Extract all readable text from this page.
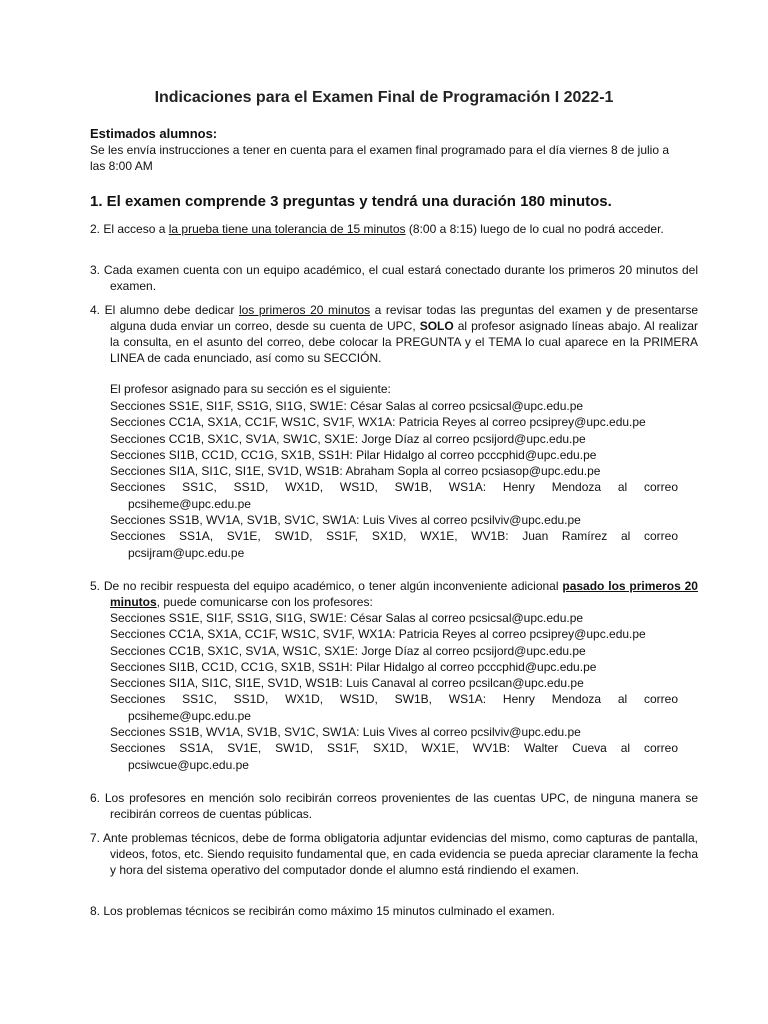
Indicaciones para el Examen Final de Programación I 2022-1
Estimados alumnos:
Se les envía instrucciones a tener en cuenta para el examen final programado para el día viernes 8 de julio a las 8:00 AM
1. El examen comprende 3 preguntas y tendrá una duración 180 minutos.
2. El acceso a la prueba tiene una tolerancia de 15 minutos (8:00 a 8:15) luego de lo cual no podrá acceder.
3. Cada examen cuenta con un equipo académico, el cual estará conectado durante los primeros 20 minutos del examen.
4. El alumno debe dedicar los primeros 20 minutos a revisar todas las preguntas del examen y de presentarse alguna duda enviar un correo, desde su cuenta de UPC, SOLO al profesor asignado líneas abajo. Al realizar la consulta, en el asunto del correo, debe colocar la PREGUNTA y el TEMA lo cual aparece en la PRIMERA LINEA de cada enunciado, así como su SECCIÓN.
El profesor asignado para su sección es el siguiente:
Secciones SS1E, SI1F, SS1G, SI1G, SW1E: César Salas al correo pcsicsal@upc.edu.pe
Secciones CC1A, SX1A, CC1F, WS1C, SV1F, WX1A: Patricia Reyes al correo pcsiprey@upc.edu.pe
Secciones CC1B, SX1C, SV1A, SW1C, SX1E: Jorge Díaz al correo pcsijord@upc.edu.pe
Secciones SI1B, CC1D, CC1G, SX1B, SS1H: Pilar Hidalgo al correo pcccphid@upc.edu.pe
Secciones SI1A, SI1C, SI1E, SV1D, WS1B: Abraham Sopla al correo pcsiasop@upc.edu.pe
Secciones SS1C, SS1D, WX1D, WS1D, SW1B, WS1A: Henry Mendoza al correo
pcsiheme@upc.edu.pe
Secciones SS1B, WV1A, SV1B, SV1C, SW1A: Luis Vives al correo pcsilviv@upc.edu.pe
Secciones SS1A, SV1E, SW1D, SS1F, SX1D, WX1E, WV1B: Juan Ramírez al correo
pcsijram@upc.edu.pe
5. De no recibir respuesta del equipo académico, o tener algún inconveniente adicional pasado los primeros 20 minutos, puede comunicarse con los profesores:
Secciones SS1E, SI1F, SS1G, SI1G, SW1E: César Salas al correo pcsicsal@upc.edu.pe
Secciones CC1A, SX1A, CC1F, WS1C, SV1F, WX1A: Patricia Reyes al correo pcsiprey@upc.edu.pe
Secciones CC1B, SX1C, SV1A, WS1C, SX1E: Jorge Díaz al correo pcsijord@upc.edu.pe
Secciones SI1B, CC1D, CC1G, SX1B, SS1H: Pilar Hidalgo al correo pcccphid@upc.edu.pe
Secciones SI1A, SI1C, SI1E, SV1D, WS1B: Luis Canaval al correo pcsilcan@upc.edu.pe
Secciones SS1C, SS1D, WX1D, WS1D, SW1B, WS1A: Henry Mendoza al correo
pcsiheme@upc.edu.pe
Secciones SS1B, WV1A, SV1B, SV1C, SW1A: Luis Vives al correo pcsilviv@upc.edu.pe
Secciones SS1A, SV1E, SW1D, SS1F, SX1D, WX1E, WV1B: Walter Cueva al correo
pcsiwcue@upc.edu.pe
6. Los profesores en mención solo recibirán correos provenientes de las cuentas UPC, de ninguna manera se recibirán correos de cuentas públicas.
7. Ante problemas técnicos, debe de forma obligatoria adjuntar evidencias del mismo, como capturas de pantalla, videos, fotos, etc. Siendo requisito fundamental que, en cada evidencia se pueda apreciar claramente la fecha y hora del sistema operativo del computador donde el alumno está rindiendo el examen.
8. Los problemas técnicos se recibirán como máximo 15 minutos culminado el examen.
